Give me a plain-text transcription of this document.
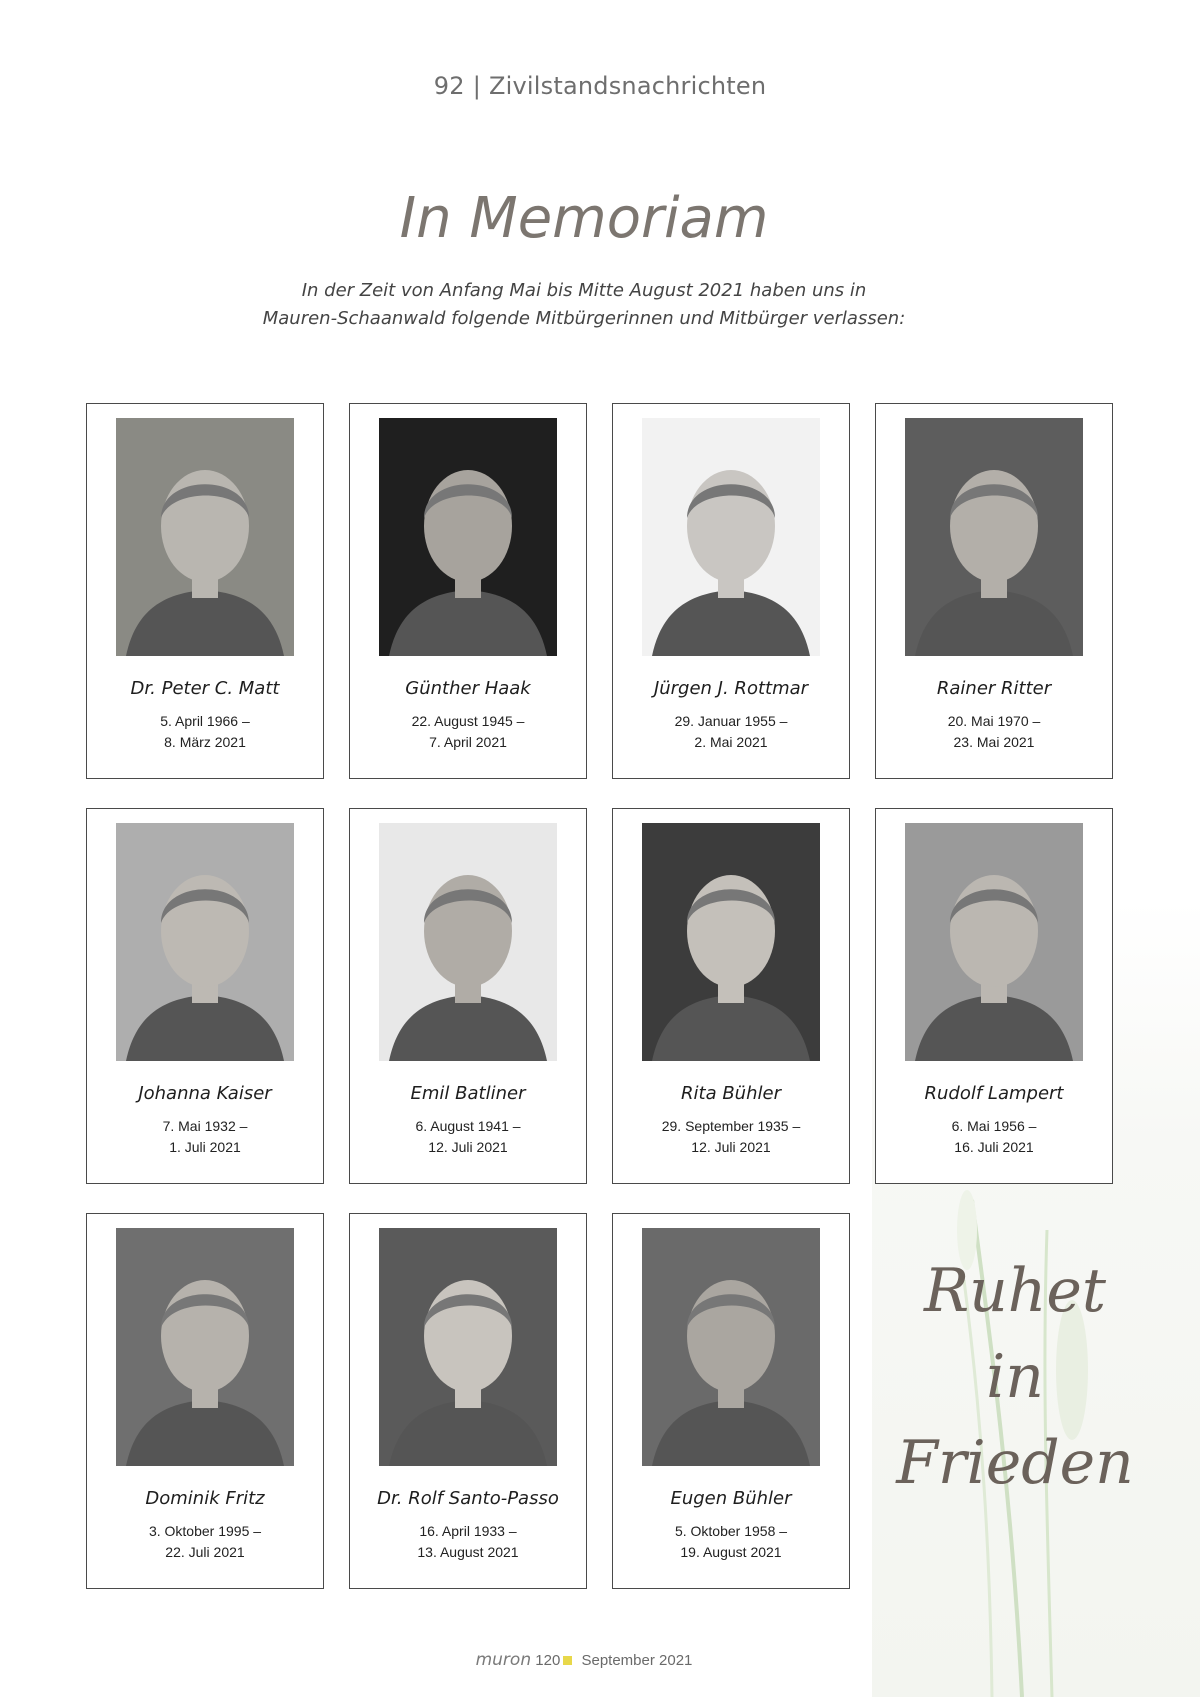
92 | Zivilstandsnachrichten
In Memoriam
In der Zeit von Anfang Mai bis Mitte August 2021 haben uns in
Mauren-Schaanwald folgende Mitbürgerinnen und Mitbürger verlassen:
Ruhet
in
Frieden
Dr. Peter C. Matt
5. April 1966 –
8. März 2021
Günther Haak
22. August 1945 –
7. April 2021
Jürgen J. Rottmar
29. Januar 1955 –
2. Mai 2021
Rainer Ritter
20. Mai 1970 –
23. Mai 2021
Johanna Kaiser
7. Mai 1932 –
1. Juli 2021
Emil Batliner
6. August 1941 –
12. Juli 2021
Rita Bühler
29. September 1935 –
12. Juli 2021
Rudolf Lampert
6. Mai 1956 –
16. Juli 2021
Dominik Fritz
3. Oktober 1995 –
22. Juli 2021
Dr. Rolf Santo-Passo
16. April 1933 –
13. August 2021
Eugen Bühler
5. Oktober 1958 –
19. August 2021
muron 120 September 2021
